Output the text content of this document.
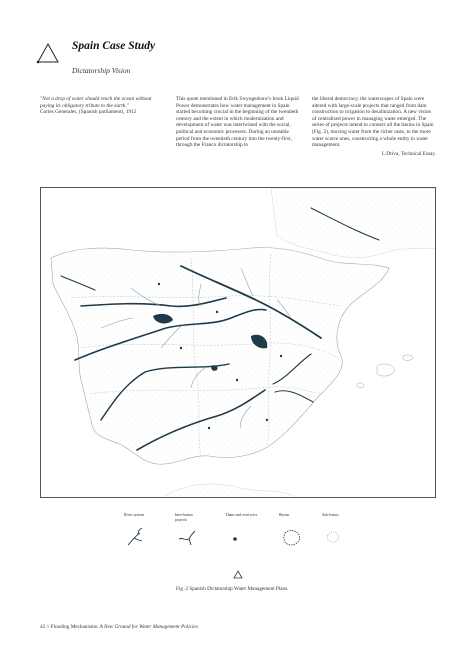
Spain Case Study
Dictatorship Vision
"Not a drop of water should reach the ocean without paying its obligatory tribute to the earth."
Cortes Generales, (Spanish parliament), 1912
This quote mentioned in Erik Swyngedouw's book Liquid Power demonstrates how water management in Spain started becoming crucial in the beginning of the twentieth century and the extent in which modernization and development of water was intertwined with the social, political and economic processes. During an unstable period from the twentieth century into the twenty-first, through the Franco dictatorship to
the liberal democracy, the waterscapes of Spain were altered with large-scale projects that ranged from dam construction to irrigation to desalinization. A new vision of centralised power in managing water emerged. The series of projects intend to connect all the basins in Spain (Fig. 2), moving water from the richer ones, to the more water scarce ones, constructing a whole entity in water management.
L.Driva, Technical Essay.
River system	Inter-basins projects
Dams and reservoirs	Basins	Sub-basins
Fig .2 Spanish Dictatorship Water Management Plans.
42 // Flooding Mechanisms: A New Ground for Water Management Policies
